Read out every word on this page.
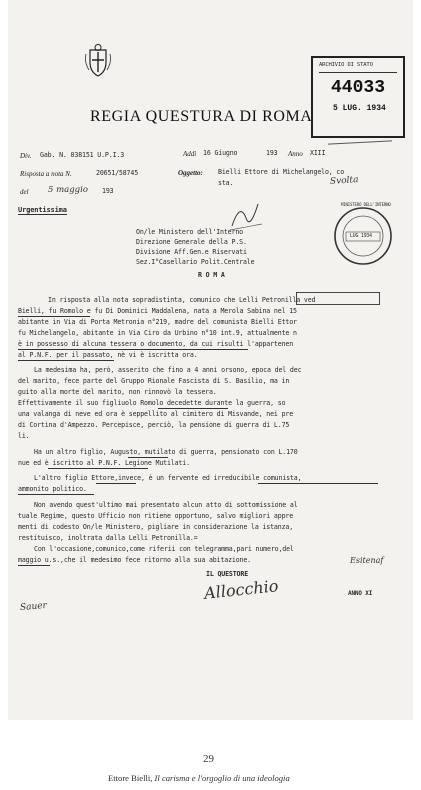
REGIA QUESTURA DI ROMA
ARCHIVIO DI STATO
44033
5 LUG. 1934
Div. Gab. N. 038151 U.P.I.3	Addì 16 Giugno	193 Anno XIII
Risposta a nota N.	20651/58745	Oggetto: Bielli Ettore di Michelangelo, co
sta.
del 5 maggio 193
Urgentissima
Svolta
MINISTERO DELL'INTERNO
LUG 1934
On/le Ministero dell'Interno
Direzione Generale della P.S.
Divisione Aff.Gen.e Riservati
Sez.I°Casellario Polit.Centrale
R O M A
In risposta alla nota sopradistinta, comunico che Lelli Petronilla ved
Bielli, fu Romolo e fu Di Dominici Maddalena, nata a Merola Sabina nel 15
abitante in Via di Porta Metronia n°219, madre del comunista Bielli Ettor
fu Michelangelo, abitante in Via Ciro da Urbino n°10 int.9, attualmente n
è in possesso di alcuna tessera o documento, da cui risulti l'appartenen
al P.N.F. per il passato, nè vi è iscritta ora.
La medesima ha, però, asserito che fino a 4 anni orsono, epoca del dec
del marito, fece parte del Gruppo Rionale Fascista di S. Basilio, ma in
guito alla morte del marito, non rinnovò la tessera.
Effettivamente il suo figliuolo Romolo decedette durante la guerra, so
una valanga di neve ed ora è seppellito al cimitero di Misvande, nei pre
di Cortina d'Ampezzo. Percepisce, perciò, la pensione di guerra di L.75
li.
Ha un altro figlio, Augusto, mutilato di guerra, pensionato con L.170
nue ed è iscritto al P.N.F. Legione Mutilati.
L'altro figlio Ettore,invece, è un fervente ed irreducibile comunista,
ammonito politico.
Non avendo quest'ultimo mai presentato alcun atto di sottomissione al
tuale Regime, questo Ufficio non ritiene opportuno, salvo migliori appre
menti di codesto On/le Ministero, pigliare in considerazione la istanza,
restituisco, inoltrata dalla Lelli Petronilla.=
Con l'occasione,comunico,come riferii con telegramma,pari numero,del
maggio u.s.,che il medesimo fece ritorno alla sua abitazione.
IL QUESTORE
Allocchio
Esitenaf
ANNO XI
Sauer
29
Ettore Bielli, Il carisma e l'orgoglio di una ideologia
